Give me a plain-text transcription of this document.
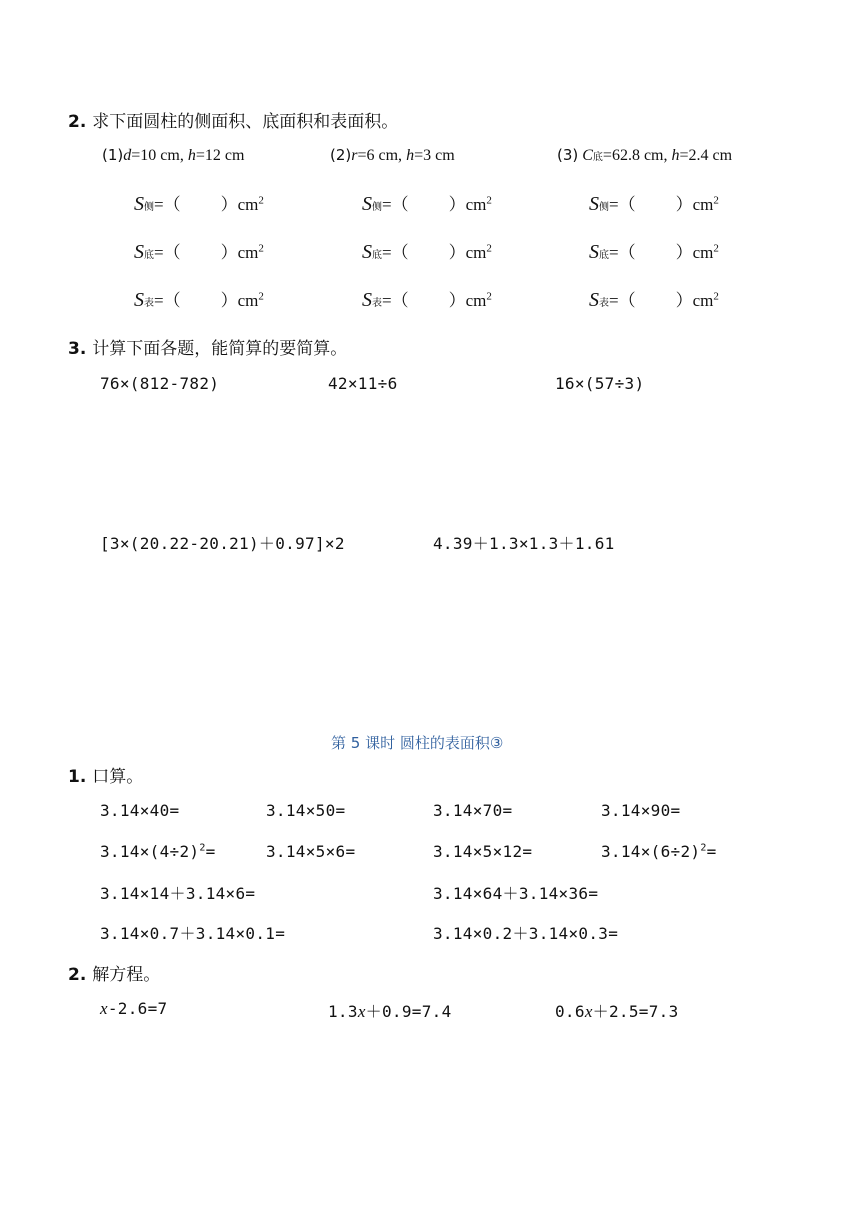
2. 求下面圆柱的侧面积、底面积和表面积。
(1)d=10 cm, h=12 cm	(2)r=6 cm, h=3 cm	(3) C底=62.8 cm, h=2.4 cm
S侧=（ ）$cm^2$	S侧=（ ）$cm^2$	S侧=（ ）$cm^2$
S底=（ ）$cm^2$	S底=（ ）$cm^2$	S底=（ ）$cm^2$
S表=（ ）$cm^2$	S表=（ ）$cm^2$	S表=（ ）$cm^2$
3. 计算下面各题，能简算的要简算。
76×(812-782)	42×11÷6	16×(57÷3)
[3×(20.22-20.21)＋0.97]×2	4.39＋1.3×1.3＋1.61
第 5 课时 圆柱的表面积③
1. 口算。
3.14×40=	3.14×50=	3.14×70=	3.14×90=
$3.14\times(4\div 2)^2=$	3.14×5×6=	3.14×5×12=	$3.14\times(6\div 2)^2=$
3.14×14＋3.14×6=	3.14×64＋3.14×36=
3.14×0.7＋3.14×0.1=	3.14×0.2＋3.14×0.3=
2. 解方程。
x-2.6=7	1.3x＋0.9=7.4	0.6x＋2.5=7.3
